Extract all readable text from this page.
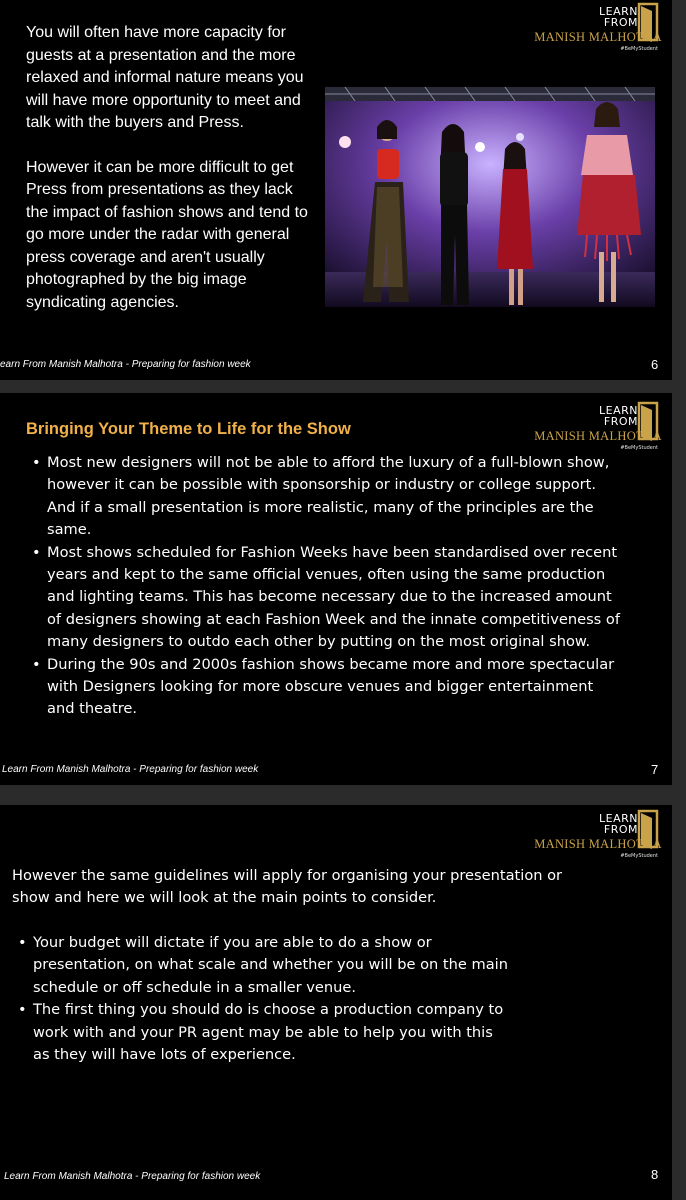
LEARN
FROM
MANISH MALHOTRA
#BeMyStudent

You will often have more capacity for guests at a presentation and the more relaxed and informal nature means you will have more opportunity to meet and talk with the buyers and Press.

However it can be more difficult to get Press from presentations as they lack the impact of fashion shows and tend to go more under the radar with general press coverage and aren't usually photographed by the big image syndicating agencies.

earn From Manish Malhotra - Preparing for fashion week	6
LEARN
FROM
MANISH MALHOTRA
#BeMyStudent
Bringing Your Theme to Life for the Show
• Most new designers will not be able to afford the luxury of a full-blown show, however it can be possible with sponsorship or industry or college support. And if a small presentation is more realistic, many of the principles are the same.
• Most shows scheduled for Fashion Weeks have been standardised over recent years and kept to the same official venues, often using the same production and lighting teams. This has become necessary due to the increased amount of designers showing at each Fashion Week and the innate competitiveness of many designers to outdo each other by putting on the most original show.
• During the 90s and 2000s fashion shows became more and more spectacular with Designers looking for more obscure venues and bigger entertainment and theatre.
Learn From Manish Malhotra - Preparing for fashion week	7
LEARN
FROM
MANISH MALHOTRA
#BeMyStudent
However the same guidelines will apply for organising your presentation or show and here we will look at the main points to consider.
• Your budget will dictate if you are able to do a show or presentation, on what scale and whether you will be on the main schedule or off schedule in a smaller venue.
• The first thing you should do is choose a production company to work with and your PR agent may be able to help you with this as they will have lots of experience.
Learn From Manish Malhotra - Preparing for fashion week	8
